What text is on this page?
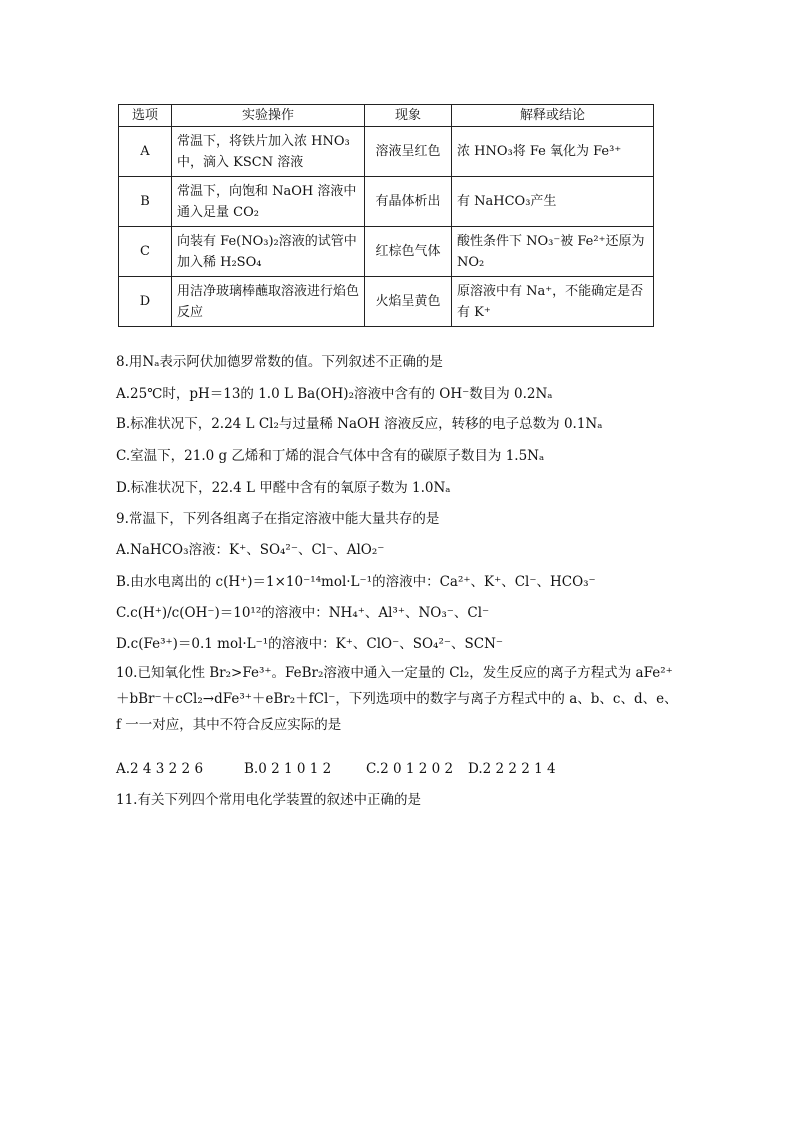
选项	实验操作	现象	解释或结论
A	常温下，将铁片加入浓 HNO₃ 中，滴入 KSCN 溶液	溶液呈红色	浓 HNO₃将 Fe 氧化为 Fe³⁺
B	常温下，向饱和 NaOH 溶液中通入足量 CO₂	有晶体析出	有 NaHCO₃产生
C	向装有 Fe(NO₃)₂溶液的试管中加入稀 H₂SO₄	红棕色气体	酸性条件下 NO₃⁻被 Fe²⁺还原为 NO₂
D	用洁净玻璃棒蘸取溶液进行焰色反应	火焰呈黄色	原溶液中有 Na⁺，不能确定是否有 K⁺
8.用Nₐ表示阿伏加德罗常数的值。下列叙述不正确的是
A.25℃时，pH＝13的 1.0 L Ba(OH)₂溶液中含有的 OH⁻数目为 0.2Nₐ
B.标准状况下，2.24 L Cl₂与过量稀 NaOH 溶液反应，转移的电子总数为 0.1Nₐ
C.室温下，21.0 g 乙烯和丁烯的混合气体中含有的碳原子数目为 1.5Nₐ
D.标准状况下，22.4 L 甲醛中含有的氧原子数为 1.0Nₐ
9.常温下，下列各组离子在指定溶液中能大量共存的是
A.NaHCO₃溶液：K⁺、SO₄²⁻、Cl⁻、AlO₂⁻
B.由水电离出的 c(H⁺)＝1×10⁻¹⁴mol·L⁻¹的溶液中：Ca²⁺、K⁺、Cl⁻、HCO₃⁻
C.c(H⁺)/c(OH⁻)＝10¹²的溶液中：NH₄⁺、Al³⁺、NO₃⁻、Cl⁻
D.c(Fe³⁺)＝0.1 mol·L⁻¹的溶液中：K⁺、ClO⁻、SO₄²⁻、SCN⁻
10.已知氧化性 Br₂>Fe³⁺。FeBr₂溶液中通入一定量的 Cl₂，发生反应的离子方程式为 aFe²⁺＋bBr⁻＋cCl₂→dFe³⁺＋eBr₂＋fCl⁻，下列选项中的数字与离子方程式中的 a、b、c、d、e、f 一一对应，其中不符合反应实际的是
A.2 4 3 2 2 6	B.0 2 1 0 1 2	C.2 0 1 2 0 2 D.2 2 2 2 1 4
11.有关下列四个常用电化学装置的叙述中正确的是
